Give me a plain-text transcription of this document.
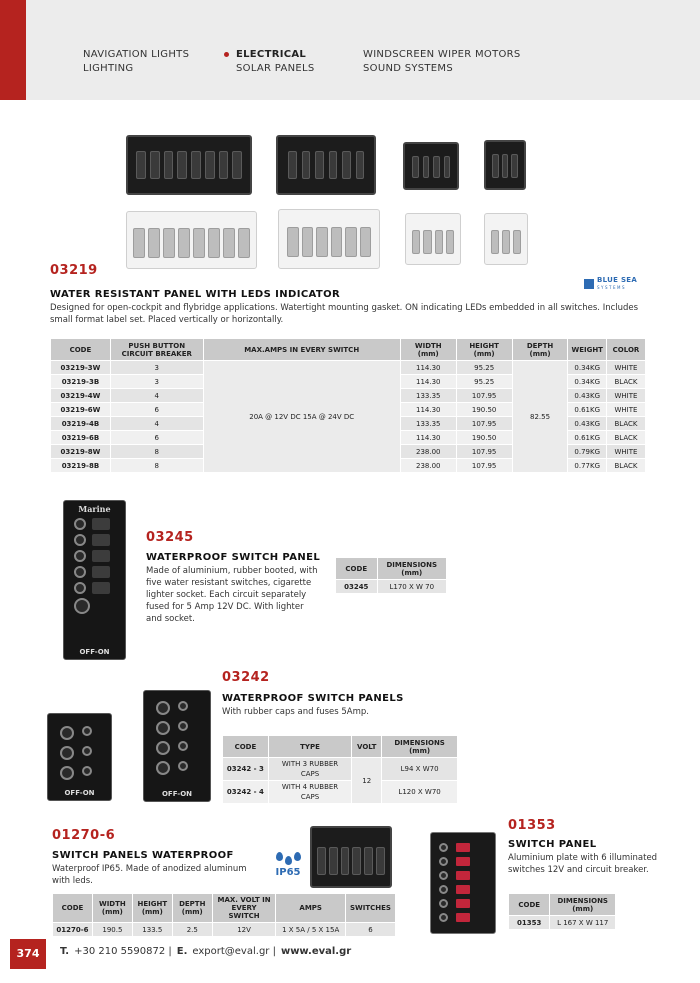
NAVIGATION LIGHTS
LIGHTING
ELECTRICAL
SOLAR PANELS
WINDSCREEN WIPER MOTORS
SOUND SYSTEMS
03219
BLUE SEA
SYSTEMS
WATER RESISTANT PANEL WITH LEDS INDICATOR
Designed for open-cockpit and flybridge applications. Watertight mounting gasket. ON indicating LEDs embedded in all switches. Includes small format label set. Placed vertically or horizontally.
CODE	PUSH BUTTON CIRCUIT BREAKER	MAX.AMPS IN EVERY SWITCH	WIDTH (mm)	HEIGHT (mm)	DEPTH (mm)	WEIGHT	COLOR
03219-3W	3	20A @ 12V DC 15A @ 24V DC	114.30	95.25	82.55	0.34KG	WHITE
03219-3B	3		114.30	95.25		0.34KG	BLACK
03219-4W	4		133.35	107.95		0.43KG	WHITE
03219-6W	6		114.30	190.50		0.61KG	WHITE
03219-4B	4		133.35	107.95		0.43KG	BLACK
03219-6B	6		114.30	190.50		0.61KG	BLACK
03219-8W	8		238.00	107.95		0.79KG	WHITE
03219-8B	8		238.00	107.95		0.77KG	BLACK
Marine
OFF-ON
03245
WATERPROOF SWITCH PANEL
Made of aluminium, rubber booted, with five water resistant switches, cigarette lighter socket. Each circuit separately fused for 5 Amp 12V DC. With lighter and socket.
CODE	DIMENSIONS (mm)
03245	L170 X W 70
OFF-ON	OFF-ON
03242
WATERPROOF SWITCH PANELS
With rubber caps and fuses 5Amp.
CODE	TYPE	VOLT	DIMENSIONS (mm)
03242 - 3	WITH 3 RUBBER CAPS	12	L94 X W70
03242 - 4	WITH 4 RUBBER CAPS		L120 X W70
01270-6
SWITCH PANELS WATERPROOF
Waterproof IP65. Made of anodized aluminum with leds.
IP65
CODE	WIDTH (mm)	HEIGHT (mm)	DEPTH (mm)	MAX. VOLT IN EVERY SWITCH	AMPS	SWITCHES
01270-6	190.5	133.5	2.5	12V	1 X 5A / 5 X 15A	6
01353
SWITCH PANEL
Aluminium plate with 6 illuminated switches 12V and circuit breaker.
CODE	DIMENSIONS (mm)
01353	L 167 X W 117
374	T. +30 210 5590872 | E. export@eval.gr | www.eval.gr
